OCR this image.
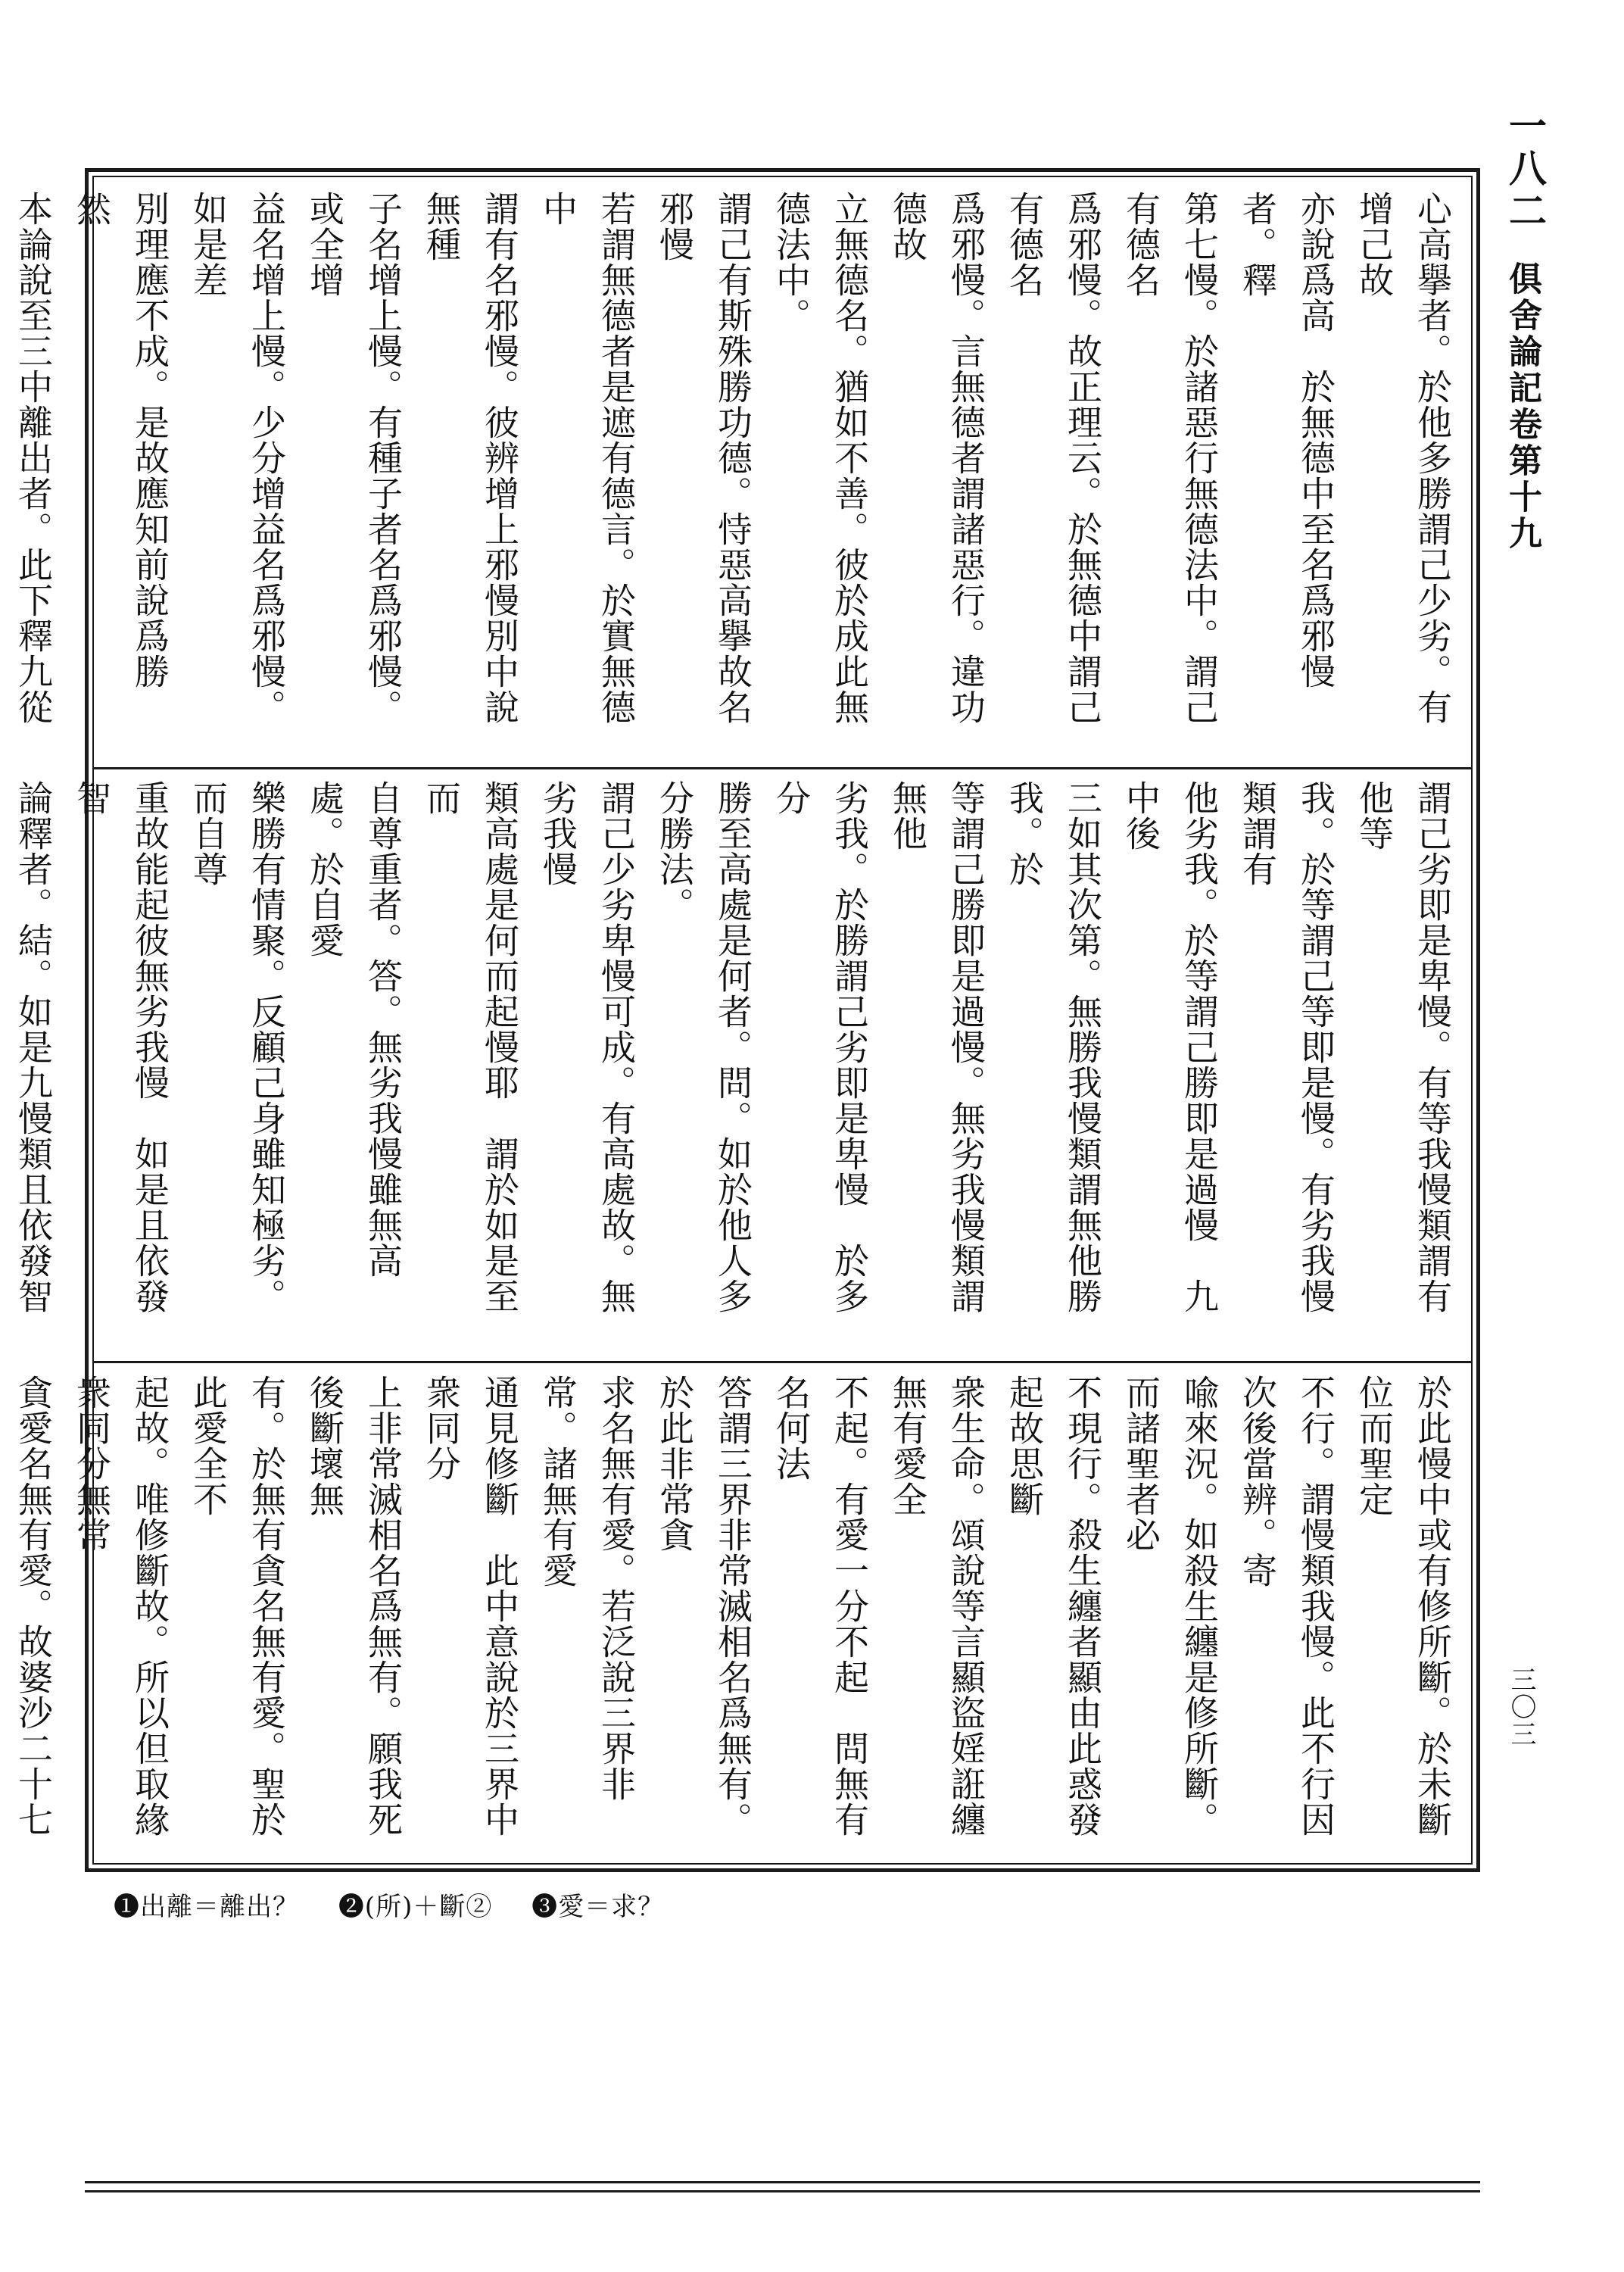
一八二
俱舍論記卷第十九
三〇三
心高擧者。於他多勝謂己少劣。有增己故
亦說爲高　於無德中至名爲邪慢者。釋
第七慢。於諸惡行無德法中。謂己有德名
爲邪慢。故正理云。於無德中謂己有德名
爲邪慢。言無德者謂諸惡行。違功德故
立無德名。猶如不善。彼於成此無德法中。
謂己有斯殊勝功德。恃惡高擧故名邪慢
若謂無德者是遮有德言。於實無德中
謂有名邪慢。彼辨增上邪慢別中說無種
子名增上慢。有種子者名爲邪慢。或全增
益名增上慢。少分增益名爲邪慢。如是差
別理應不成。是故應知前說爲勝　然
本論說至三中離出者。此下釋九從

謂己劣即是卑慢。有等我慢類謂有他等
我。於等謂己等即是慢。有劣我慢類謂有
他劣我。於等謂己勝即是過慢　九中後
三如其次第。無勝我慢類謂無他勝我。於
等謂己勝即是過慢。無劣我慢類謂無他
劣我。於勝謂己劣即是卑慢　於多分
勝至高處是何者。問。如於他人多分勝法。
謂己少劣卑慢可成。有高處故。無劣我慢
類高處是何而起慢耶　謂於如是至而
自尊重者。答。無劣我慢雖無高處。於自愛
樂勝有情聚。反顧己身雖知極劣。而自尊
重故能起彼無劣我慢　如是且依發智
論釋者。結。如是九慢類且依發智

於此慢中或有修所斷。於未斷位而聖定
不行。謂慢類我慢。此不行因次後當辨。寄
喩來況。如殺生纏是修所斷。而諸聖者必
不現行。殺生纏者顯由此惑發起故思斷
衆生命。頌說等言顯盜婬誑纏無有愛全
不起。有愛一分不起　問無有名何法
答謂三界非常滅相名爲無有。於此非常貪
求名無有愛。若泛說三界非常。諸無有愛
通見修斷　此中意說於三界中衆同分
上非常滅相名爲無有。願我死後斷壞無
有。於無有貪名無有愛。聖於此愛全不
起故。唯修斷故。所以但取緣衆同分無常
貪愛名無有愛。故婆沙二十七

❶出離＝離出？ ❷(所)＋斷② ❸愛＝求？
